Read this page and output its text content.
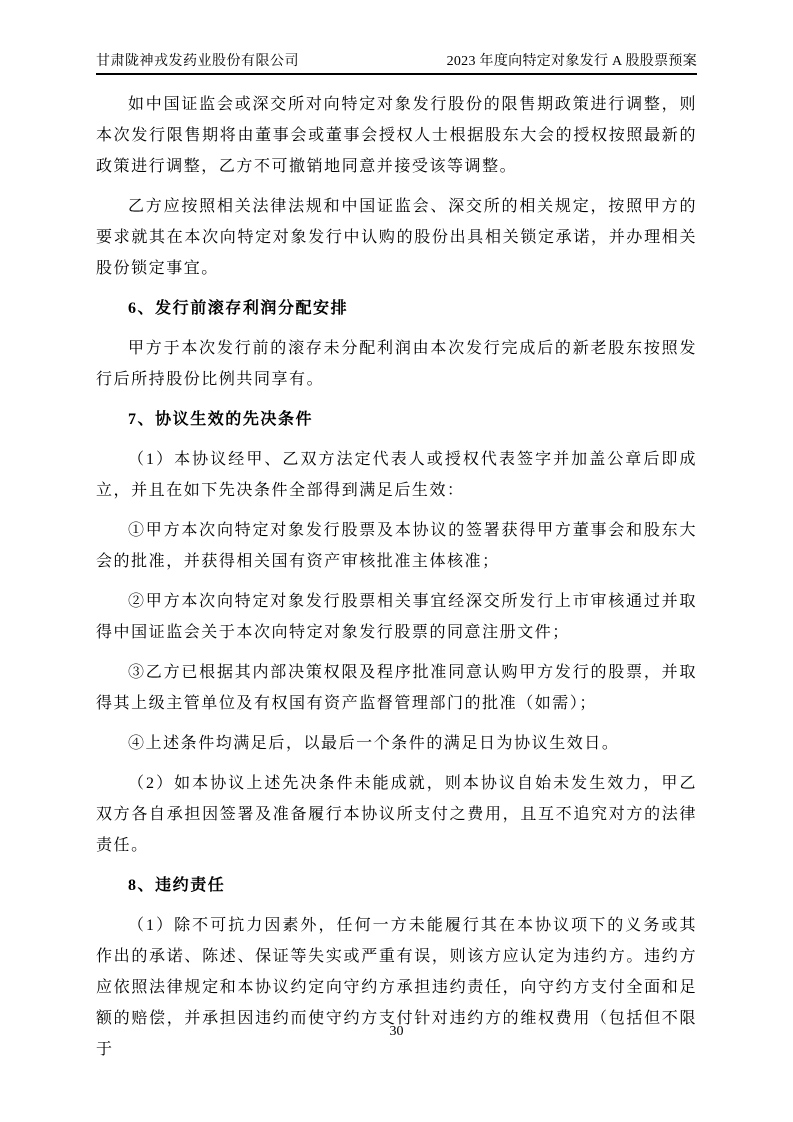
甘肃陇神戎发药业股份有限公司	2023 年度向特定对象发行 A 股股票预案

如中国证监会或深交所对向特定对象发行股份的限售期政策进行调整，则本次发行限售期将由董事会或董事会授权人士根据股东大会的授权按照最新的政策进行调整，乙方不可撤销地同意并接受该等调整。

乙方应按照相关法律法规和中国证监会、深交所的相关规定，按照甲方的要求就其在本次向特定对象发行中认购的股份出具相关锁定承诺，并办理相关股份锁定事宜。

6、发行前滚存利润分配安排

甲方于本次发行前的滚存未分配利润由本次发行完成后的新老股东按照发行后所持股份比例共同享有。

7、协议生效的先决条件

（1）本协议经甲、乙双方法定代表人或授权代表签字并加盖公章后即成立，并且在如下先决条件全部得到满足后生效：

①甲方本次向特定对象发行股票及本协议的签署获得甲方董事会和股东大会的批准，并获得相关国有资产审核批准主体核准；

②甲方本次向特定对象发行股票相关事宜经深交所发行上市审核通过并取得中国证监会关于本次向特定对象发行股票的同意注册文件；

③乙方已根据其内部决策权限及程序批准同意认购甲方发行的股票，并取得其上级主管单位及有权国有资产监督管理部门的批准（如需）；

④上述条件均满足后，以最后一个条件的满足日为协议生效日。

（2）如本协议上述先决条件未能成就，则本协议自始未发生效力，甲乙双方各自承担因签署及准备履行本协议所支付之费用，且互不追究对方的法律责任。

8、违约责任

（1）除不可抗力因素外，任何一方未能履行其在本协议项下的义务或其作出的承诺、陈述、保证等失实或严重有误，则该方应认定为违约方。违约方应依照法律规定和本协议约定向守约方承担违约责任，向守约方支付全面和足额的赔偿，并承担因违约而使守约方支付针对违约方的维权费用（包括但不限于

30
